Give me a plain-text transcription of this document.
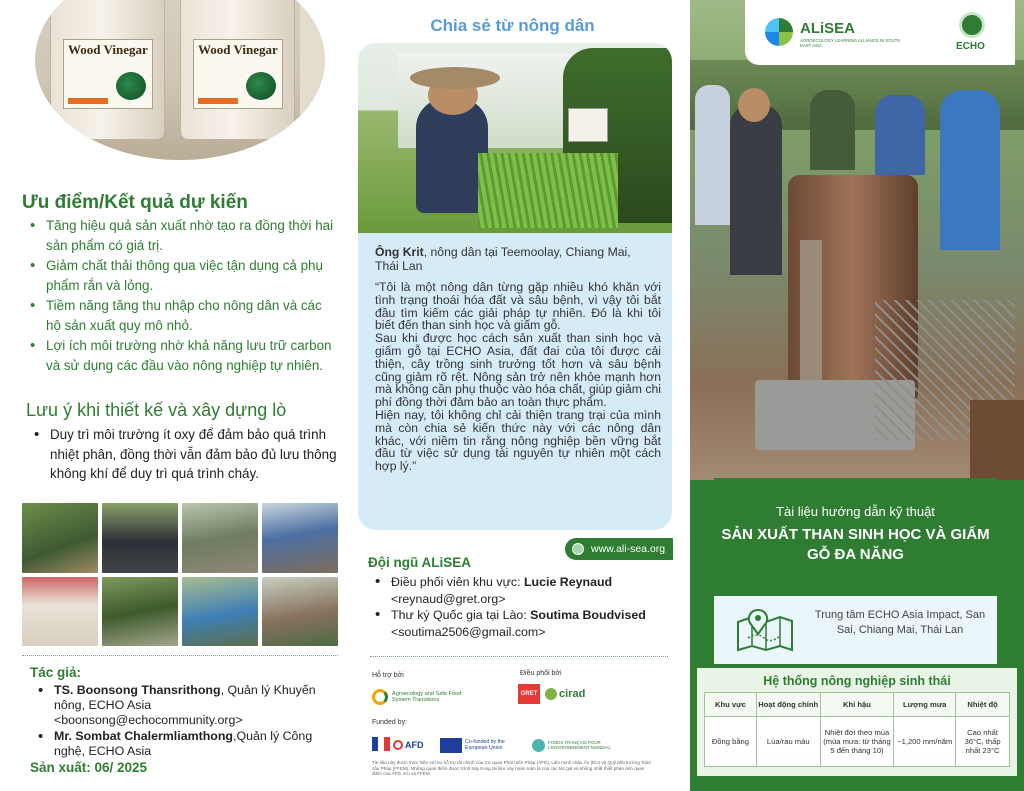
Wood Vinegar	Wood Vinegar
Ưu điểm/Kết quả dự kiến
• Tăng hiệu quả sản xuất nhờ tạo ra đồng thời hai sản phẩm có giá trị.
• Giảm chất thải thông qua việc tận dụng cả phụ phẩm rắn và lỏng.
• Tiềm năng tăng thu nhập cho nông dân và các hộ sản xuất quy mô nhỏ.
• Lợi ích môi trường nhờ khả năng lưu trữ carbon và sử dụng các đầu vào nông nghiệp tự nhiên.
Lưu ý khi thiết kế và xây dựng lò
• Duy trì môi trường ít oxy để đảm bảo quá trình nhiệt phân, đồng thời vẫn đảm bảo đủ lưu thông không khí để duy trì quá trình cháy.
Tác giả:
• TS. Boonsong Thansrithong, Quản lý Khuyến nông, ECHO Asia
<boonsong@echocommunity.org>
• Mr. Sombat Chalermliamthong,Quản lý Công nghệ, ECHO Asia
Sản xuất: 06/ 2025
Chia sẻ từ nông dân
Ông Krit, nông dân tại Teemoolay, Chiang Mai, Thái Lan

“Tôi là một nông dân từng gặp nhiều khó khăn với tình trạng thoái hóa đất và sâu bệnh, vì vậy tôi bắt đầu tìm kiếm các giải pháp tự nhiên. Đó là khi tôi biết đến than sinh học và giấm gỗ.

Sau khi được học cách sản xuất than sinh học và giấm gỗ tại ECHO Asia, đất đai của tôi được cải thiện, cây trồng sinh trưởng tốt hơn và sâu bệnh cũng giảm rõ rệt. Nông sản trở nên khỏe mạnh hơn mà không cần phụ thuộc vào hóa chất, giúp giảm chi phí đồng thời đảm bảo an toàn thực phẩm.

Hiện nay, tôi không chỉ cải thiện trang trại của mình mà còn chia sẻ kiến thức này với các nông dân khác, với niềm tin rằng nông nghiệp bền vững bắt đầu từ việc sử dụng tài nguyên tự nhiên một cách hợp lý.”

www.ali-sea.org
Đội ngũ ALiSEA
• Điều phối viên khu vực: Lucie Reynaud
<reynaud@gret.org>
• Thư ký Quốc gia tại Lào: Soutima Boudvised
<soutima2506@gmail.com>
Hỗ trợ bởi	Điều phối bởi
Agroecology and Safe Food System Transitions
GRET cirad
Funded by:
AFD	Co-funded by the European Union
FONDS FRANÇAIS POUR L'ENVIRONNEMENT MONDIAL
Tài liệu này được thực hiện với sự hỗ trợ tài chính của Cơ quan Phát triển Pháp (AFD), Liên minh châu Âu (EU) và Quỹ Môi trường Toàn cầu Pháp (FFEM). Những quan điểm được trình bày trong tài liệu này hoàn toàn là của các tác giả và không nhất thiết phản ánh quan điểm của AFD, EU và FFEM.
ALiSEA
AGROECOLOGY LEARNING ALLIANCE IN SOUTH EAST ASIA	ECHO
Tài liệu hướng dẫn kỹ thuật
SẢN XUẤT THAN SINH HỌC VÀ GIẤM GỖ ĐA NĂNG
Trung tâm ECHO Asia Impact, San Sai, Chiang Mai, Thái Lan
Hệ thống nông nghiệp sinh thái
Khu vực	Hoạt động chính	Khí hậu	Lượng mưa	Nhiệt độ
Đồng bằng	Lúa/rau màu	Nhiệt đới theo mùa (mùa mưa: từ tháng 5 đến tháng 10)	~1,200 mm/năm	Cao nhất 36°C, thấp nhất 23°C
